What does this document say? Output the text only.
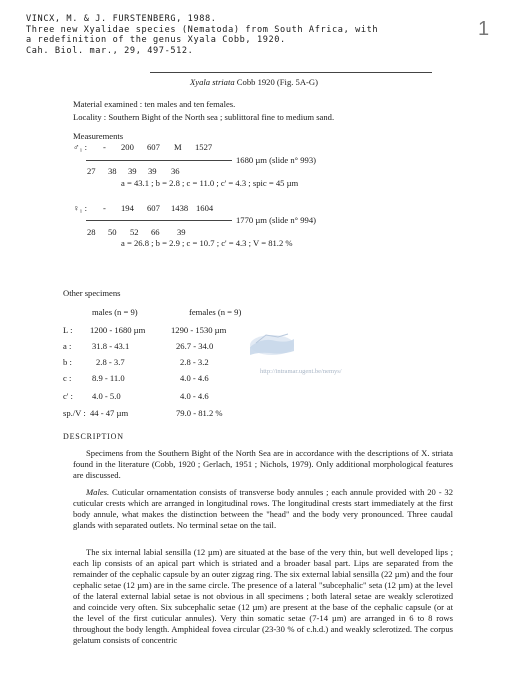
VINCX, M. & J. FURSTENBERG, 1988.
Three new Xyalidae species (Nematoda) from South Africa, with
a redefinition of the genus Xyala Cobb, 1920.
Cah. Biol. mar., 29, 497-512.
1
Xyala striata Cobb 1920 (Fig. 5A-G)
Material examined : ten males and ten females.
Locality : Southern Bight of the North sea ; sublittoral fine to medium sand.
Measurements
♂₁ : - 200 607 M 1527
1680 µm (slide n° 993)
27 38 39 39 36
a = 43.1 ; b = 2.8 ; c = 11.0 ; c' = 4.3 ; spic = 45 µm
♀₁ : - 194 607 1438 1604
1770 µm (slide n° 994)
28 50 52 66 39
a = 26.8 ; b = 2.9 ; c = 10.7 ; c' = 4.3 ; V = 81.2 %
Other specimens
males (n = 9)	females (n = 9)
L : 1200 - 1680 µm	1290 - 1530 µm
a : 31.8 - 43.1	26.7 - 34.0
b :	2.8 - 3.7	2.8 - 3.2
c : 8.9 - 11.0	4.0 - 4.6
c' : 4.0 - 5.0	4.0 - 4.6
sp./V : 44 - 47 µm	79.0 - 81.2 %
http://intramar.ugent.be/nemys/
DESCRIPTION

Specimens from the Southern Bight of the North Sea are in accordance with the descriptions of X. striata found in the literature (Cobb, 1920 ; Gerlach, 1951 ; Nichols, 1979). Only additional morphological features are discussed.

Males. Cuticular ornamentation consists of transverse body annules ; each annule provided with 20 - 32 cuticular crests which are arranged in longitudinal rows. The longitudinal crests start immediately at the first body annule, what makes the distinction between the "head" and the body very pronounced. Three caudal glands with separated outlets. No terminal setae on the tail.

The six internal labial sensilla (12 µm) are situated at the base of the very thin, but well developed lips ; each lip consists of an apical part which is striated and a broader basal part. Lips are separated from the remainder of the cephalic capsule by an outer zigzag ring. The six external labial sensilla (22 µm) and the four cephalic setae (12 µm) are in the same circle. The presence of a lateral "subcephalic" seta (12 µm) at the level of the lateral external labial setae is not obvious in all specimens ; both lateral setae are weakly sclerotized and coincide very often. Six subcephalic setae (12 µm) are present at the base of the cephalic capsule (or at the level of the first cuticular annules). Very thin somatic setae (7-14 µm) are arranged in 6 to 8 rows throughout the body length. Amphideal fovea circular (23-30 % of c.h.d.) and weakly sclerotized. The corpus gelatum consists of concentric
